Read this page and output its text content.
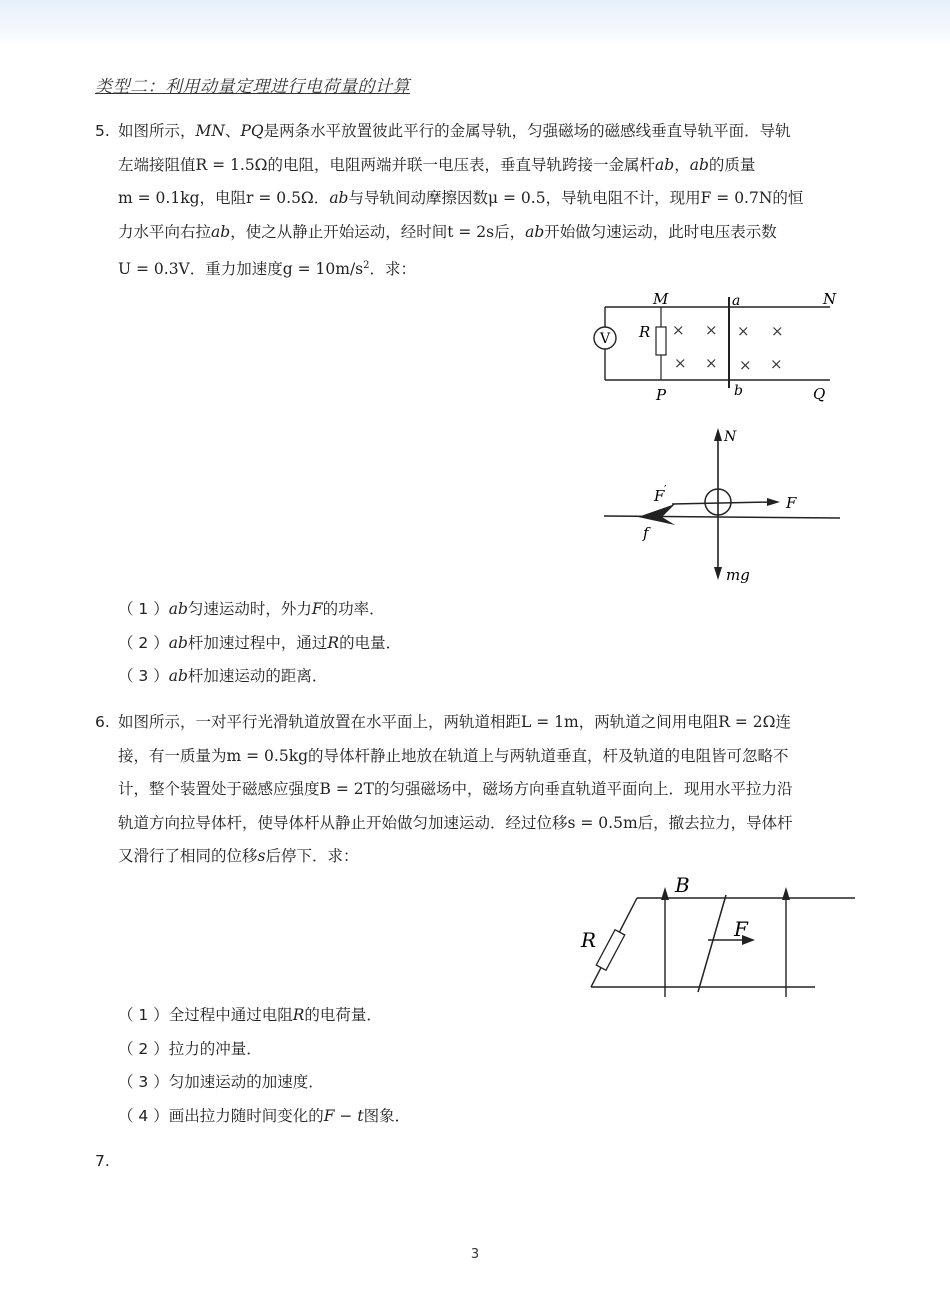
类型二：利用动量定理进行电荷量的计算
5. 如图所示，MN、PQ是两条水平放置彼此平行的金属导轨，匀强磁场的磁感线垂直导轨平面．导轨
左端接阻值R = 1.5Ω的电阻，电阻两端并联一电压表，垂直导轨跨接一金属杆ab，ab的质量
m = 0.1kg，电阻r = 0.5Ω．ab与导轨间动摩擦因数μ = 0.5，导轨电阻不计，现用F = 0.7N的恒
力水平向右拉ab，使之从静止开始运动，经时间t = 2s后，ab开始做匀速运动，此时电压表示数
U = 0.3V．重力加速度$g = 10m/s^2$．求：
V R
M	a	N
P	b	Q
× × × ×
× × × ×
N
F
F ′
f
mg
（ 1 ）ab匀速运动时，外力F的功率．
（ 2 ）ab杆加速过程中，通过R的电量．
（ 3 ）ab杆加速运动的距离．
6. 如图所示，一对平行光滑轨道放置在水平面上，两轨道相距L = 1m，两轨道之间用电阻R = 2Ω连
接，有一质量为m = 0.5kg的导体杆静止地放在轨道上与两轨道垂直，杆及轨道的电阻皆可忽略不
计，整个装置处于磁感应强度B = 2T的匀强磁场中，磁场方向垂直轨道平面向上．现用水平拉力沿
轨道方向拉导体杆，使导体杆从静止开始做匀加速运动．经过位移s = 0.5m后，撤去拉力，导体杆
又滑行了相同的位移s后停下．求：
B
R	F
（ 1 ）全过程中通过电阻R的电荷量．
（ 2 ）拉力的冲量．
（ 3 ）匀加速运动的加速度．
（ 4 ）画出拉力随时间变化的F − t图象．
7.
3
